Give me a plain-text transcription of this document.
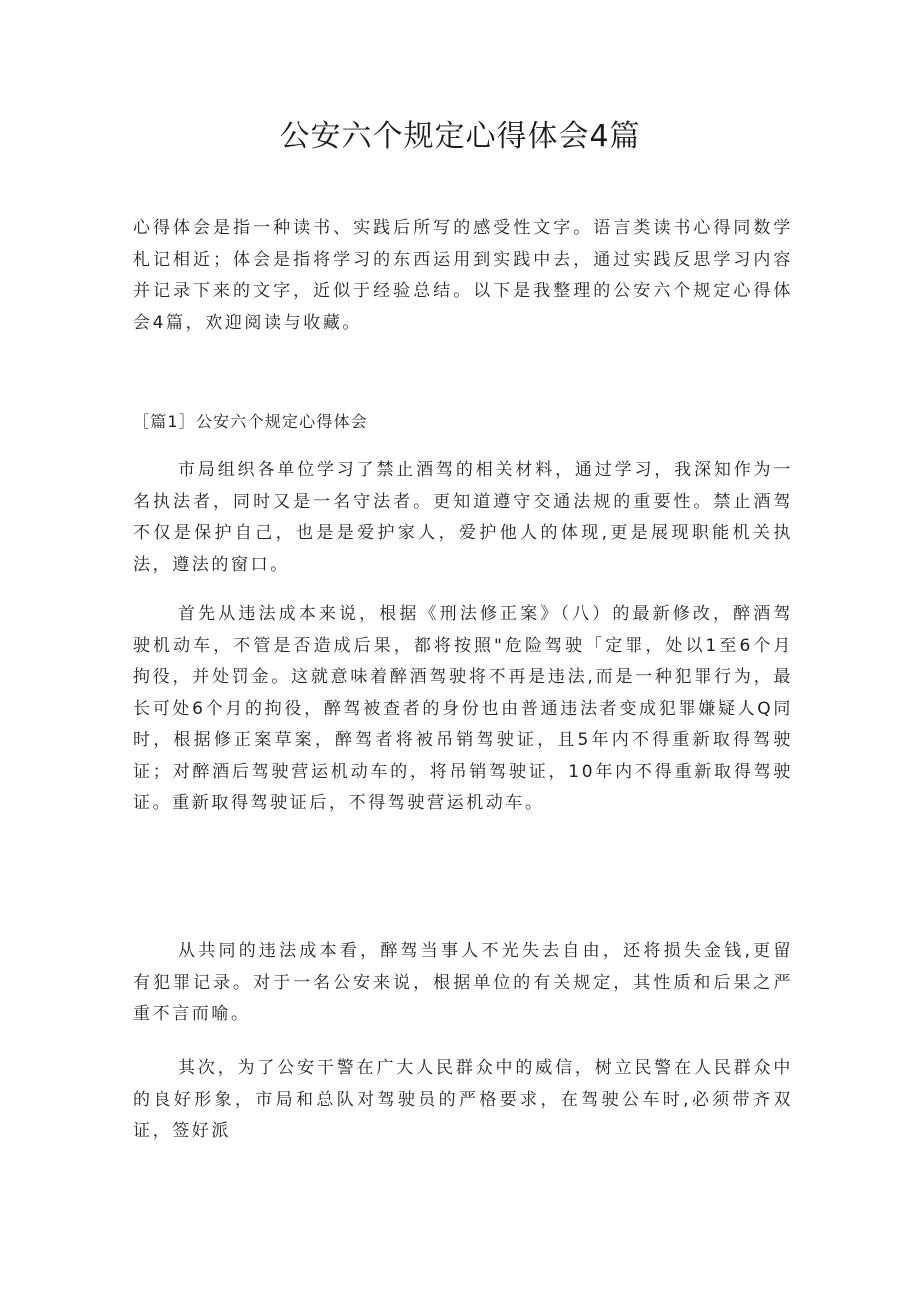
公安六个规定心得体会4篇

心得体会是指一种读书、实践后所写的感受性文字。语言类读书心得同数学札记相近；体会是指将学习的东西运用到实践中去，通过实践反思学习内容并记录下来的文字，近似于经验总结。以下是我整理的公安六个规定心得体会4篇，欢迎阅读与收藏。

［篇1］公安六个规定心得体会

市局组织各单位学习了禁止酒驾的相关材料，通过学习，我深知作为一名执法者，同时又是一名守法者。更知道遵守交通法规的重要性。禁止酒驾不仅是保护自己，也是是爱护家人，爱护他人的体现,更是展现职能机关执法，遵法的窗口。

首先从违法成本来说，根据《刑法修正案》（八）的最新修改，醉酒驾驶机动车，不管是否造成后果，都将按照"危险驾驶「定罪，处以1至6个月拘役，并处罚金。这就意味着醉酒驾驶将不再是违法,而是一种犯罪行为，最长可处6个月的拘役，醉驾被查者的身份也由普通违法者变成犯罪嫌疑人Q同时，根据修正案草案，醉驾者将被吊销驾驶证，且5年内不得重新取得驾驶证；对醉酒后驾驶营运机动车的，将吊销驾驶证，10年内不得重新取得驾驶证。重新取得驾驶证后，不得驾驶营运机动车。

从共同的违法成本看，醉驾当事人不光失去自由，还将损失金钱,更留有犯罪记录。对于一名公安来说，根据单位的有关规定，其性质和后果之严重不言而喻。

其次，为了公安干警在广大人民群众中的威信，树立民警在人民群众中的良好形象，市局和总队对驾驶员的严格要求，在驾驶公车时,必须带齐双证，签好派
